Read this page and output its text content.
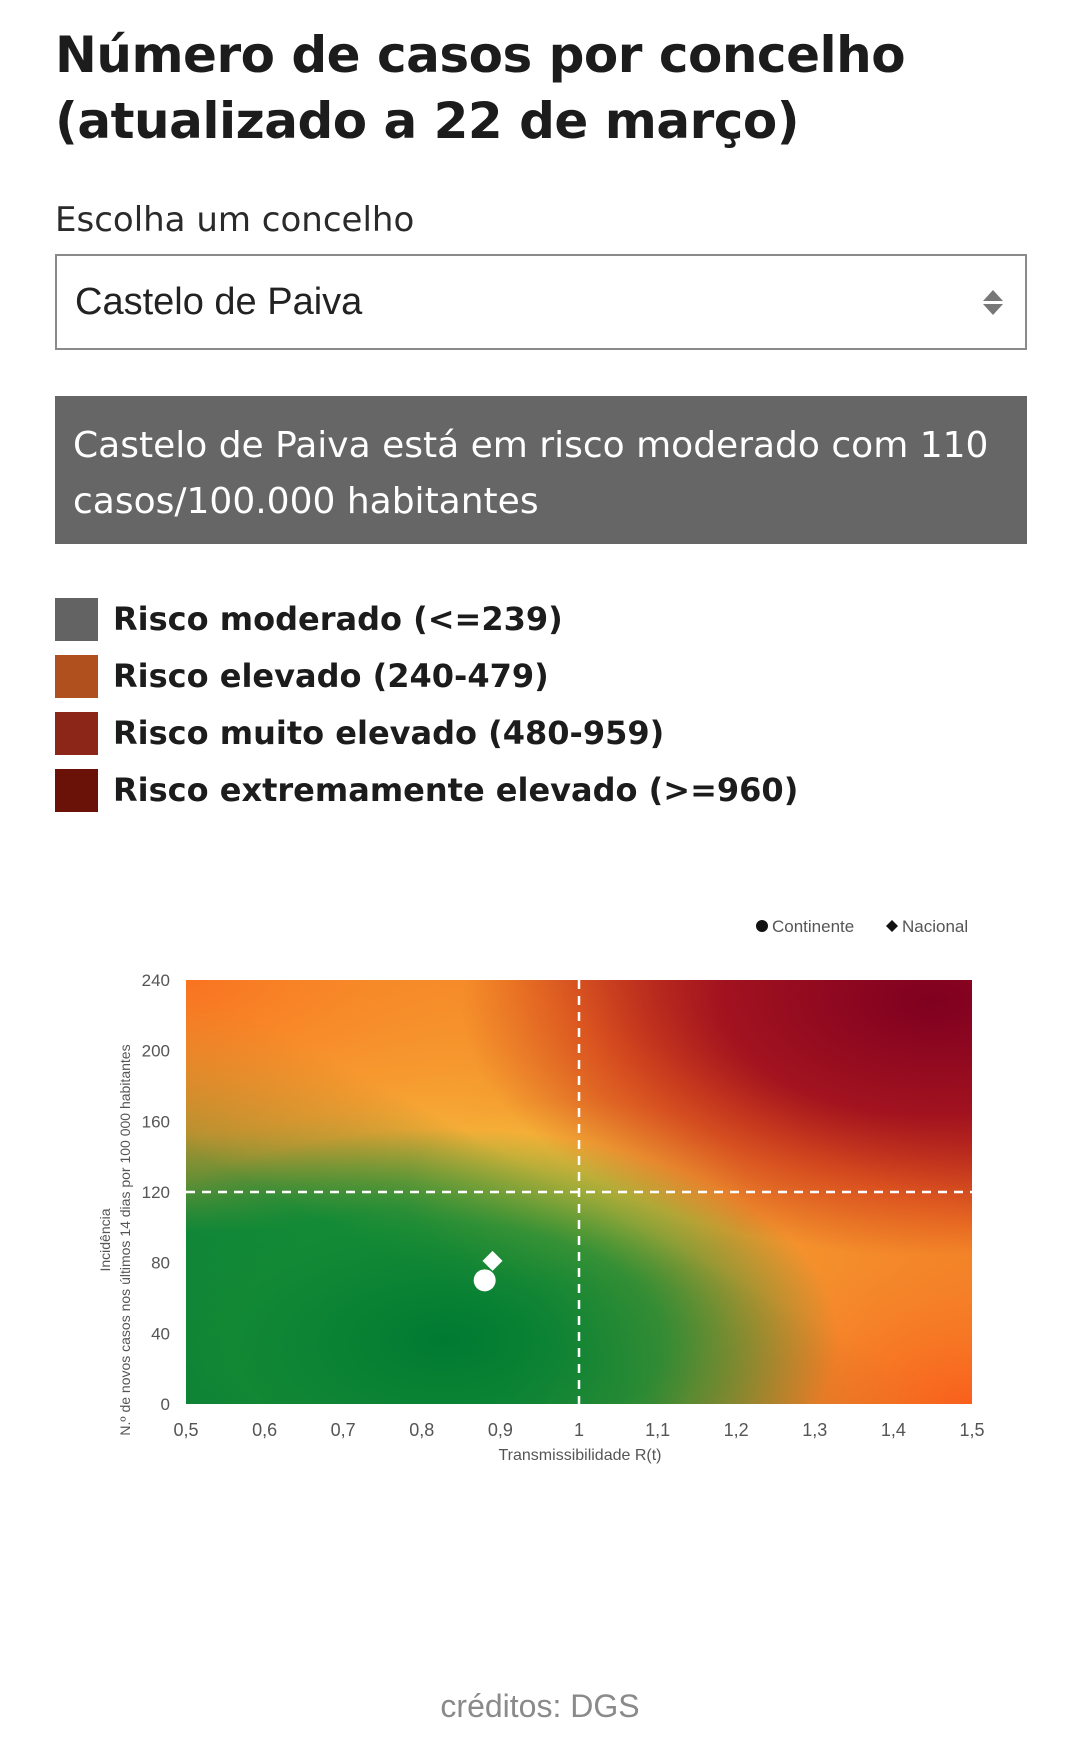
Número de casos por concelho (atualizado a 22 de março)
Escolha um concelho
Castelo de Paiva
Castelo de Paiva está em risco moderado com 110 casos/100.000 habitantes
Risco moderado (<=239)
Risco elevado (240-479)
Risco muito elevado (480-959)
Risco extremamente elevado (>=960)
0,5	0,6	0,7	0,8	0,9	1	1,1	1,2	1,3	1,4	1,5
0
40
80
120
160
200
240
Continente	Nacional
Transmissibilidade R(t)
Incidência N.º de novos casos nos últimos 14 dias por 100 000 habitantes
créditos: DGS
